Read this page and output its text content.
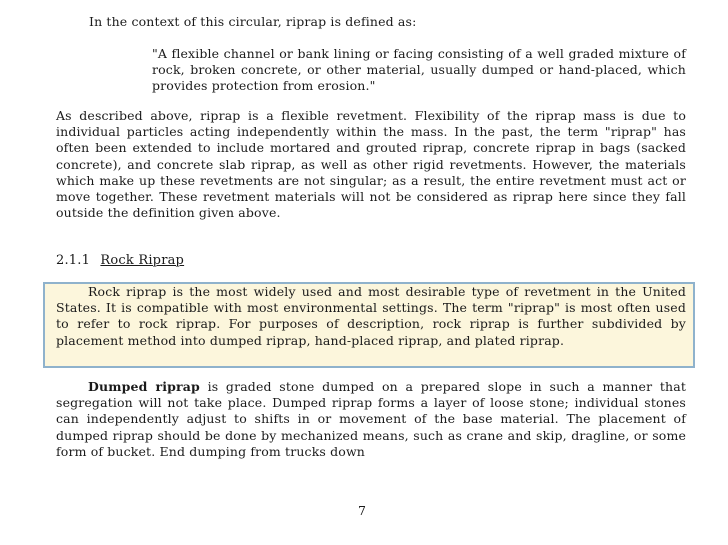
In the context of this circular, riprap is defined as:
"A flexible channel or bank lining or facing consisting of a well graded mixture of rock, broken concrete, or other material, usually dumped or hand-placed, which provides protection from erosion."
As described above, riprap is a flexible revetment. Flexibility of the riprap mass is due to individual particles acting independently within the mass. In the past, the term "riprap" has often been extended to include mortared and grouted riprap, concrete riprap in bags (sacked concrete), and concrete slab riprap, as well as other rigid revetments. However, the materials which make up these revetments are not singular; as a result, the entire revetment must act or move together. These revetment materials will not be considered as riprap here since they fall outside the definition given above.
2.1.1 Rock Riprap
Rock riprap is the most widely used and most desirable type of revetment in the United States. It is compatible with most environmental settings. The term "riprap" is most often used to refer to rock riprap. For purposes of description, rock riprap is further subdivided by placement method into dumped riprap, hand-placed riprap, and plated riprap.
Dumped riprap is graded stone dumped on a prepared slope in such a manner that segregation will not take place. Dumped riprap forms a layer of loose stone; individual stones can independently adjust to shifts in or movement of the base material. The placement of dumped riprap should be done by mechanized means, such as crane and skip, dragline, or some form of bucket. End dumping from trucks down
7
